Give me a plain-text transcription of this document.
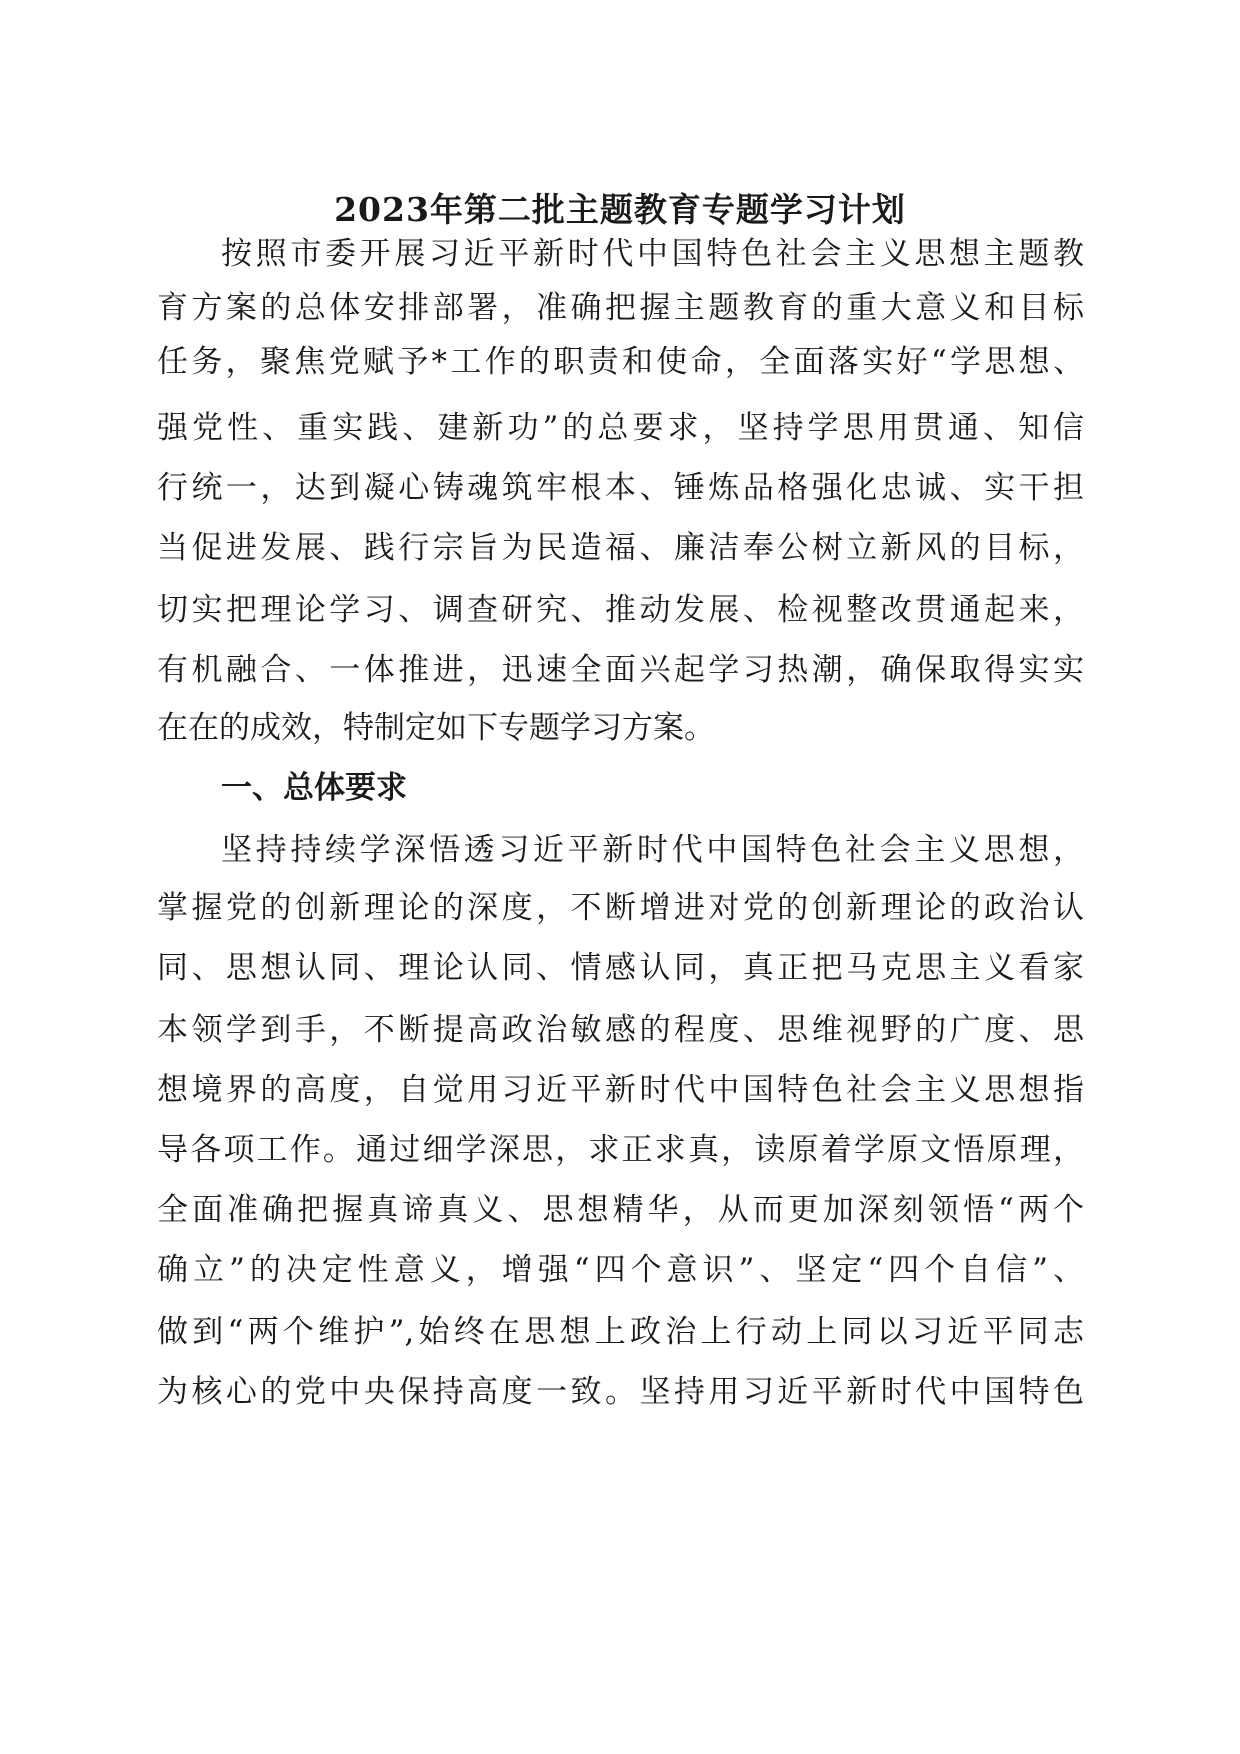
2023年第二批主题教育专题学习计划

按照市委开展习近平新时代中国特色社会主义思想主题教

育方案的总体安排部署，准确把握主题教育的重大意义和目标

任务，聚焦党赋予*工作的职责和使命，全面落实好“学思想、

强党性、重实践、建新功”的总要求，坚持学思用贯通、知信

行统一，达到凝心铸魂筑牢根本、锤炼品格强化忠诚、实干担

当促进发展、践行宗旨为民造福、廉洁奉公树立新风的目标，

切实把理论学习、调查研究、推动发展、检视整改贯通起来，

有机融合、一体推进，迅速全面兴起学习热潮，确保取得实实

在在的成效，特制定如下专题学习方案。

一、总体要求

坚持持续学深悟透习近平新时代中国特色社会主义思想，

掌握党的创新理论的深度，不断增进对党的创新理论的政治认

同、思想认同、理论认同、情感认同，真正把马克思主义看家

本领学到手，不断提高政治敏感的程度、思维视野的广度、思

想境界的高度，自觉用习近平新时代中国特色社会主义思想指

导各项工作。通过细学深思，求正求真，读原着学原文悟原理，

全面准确把握真谛真义、思想精华，从而更加深刻领悟“两个

确立”的决定性意义，增强“四个意识”、坚定“四个自信”、

做到“两个维护”,始终在思想上政治上行动上同以习近平同志

为核心的党中央保持高度一致。坚持用习近平新时代中国特色
